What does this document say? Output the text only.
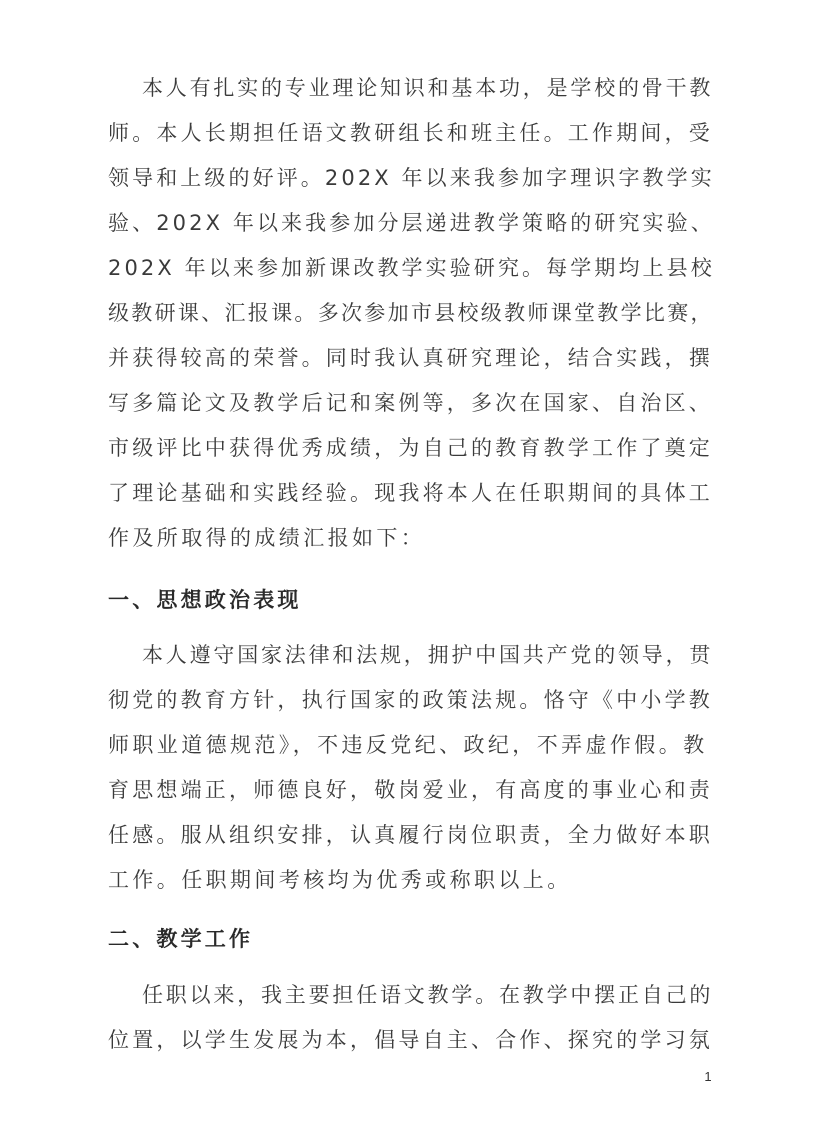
本人有扎实的专业理论知识和基本功，是学校的骨干教
师。本人长期担任语文教研组长和班主任。工作期间，受
领导和上级的好评。202X 年以来我参加字理识字教学实
验、202X 年以来我参加分层递进教学策略的研究实验、
202X 年以来参加新课改教学实验研究。每学期均上县校
级教研课、汇报课。多次参加市县校级教师课堂教学比赛，
并获得较高的荣誉。同时我认真研究理论，结合实践，撰
写多篇论文及教学后记和案例等，多次在国家、自治区、
市级评比中获得优秀成绩，为自己的教育教学工作了奠定
了理论基础和实践经验。现我将本人在任职期间的具体工
作及所取得的成绩汇报如下：
一、思想政治表现
本人遵守国家法律和法规，拥护中国共产党的领导，贯
彻党的教育方针，执行国家的政策法规。恪守《中小学教
师职业道德规范》，不违反党纪、政纪，不弄虚作假。教
育思想端正，师德良好，敬岗爱业，有高度的事业心和责
任感。服从组织安排，认真履行岗位职责，全力做好本职
工作。任职期间考核均为优秀或称职以上。
二、教学工作
任职以来，我主要担任语文教学。在教学中摆正自己的
位置，以学生发展为本，倡导自主、合作、探究的学习氛
1
